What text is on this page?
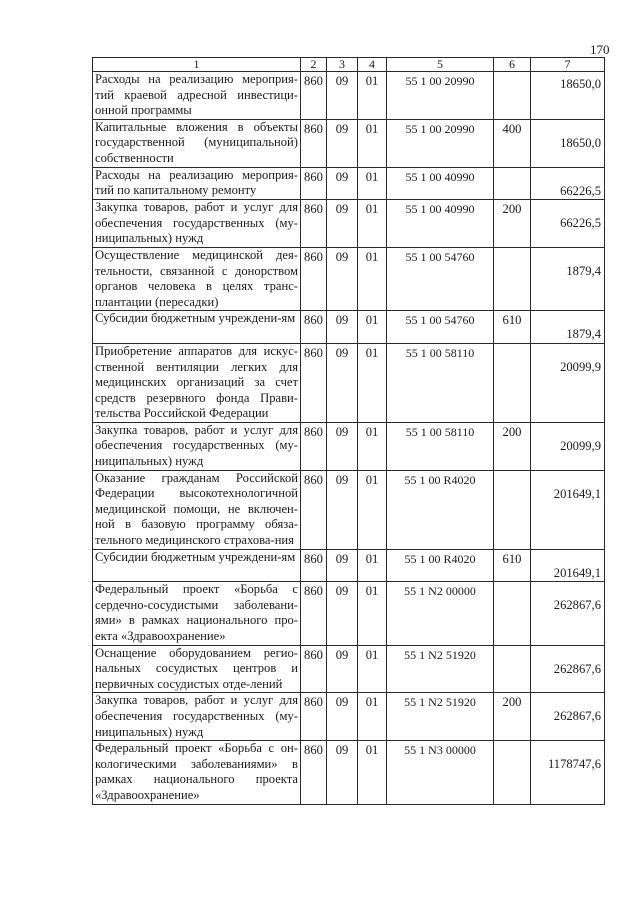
170
1	2	3	4	5	6	7
Расходы на реализацию мероприя-тий краевой адресной инвестици-онной программы	860	09	01	55 1 00 20990		18650,0
Капитальные вложения в объекты государственной (муниципальной) собственности	860	09	01	55 1 00 20990	400	18650,0
Расходы на реализацию мероприя-тий по капитальному ремонту	860	09	01	55 1 00 40990		66226,5
Закупка товаров, работ и услуг для обеспечения государственных (му-ниципальных) нужд	860	09	01	55 1 00 40990	200	66226,5
Осуществление медицинской дея-тельности, связанной с донорством органов человека в целях транс-плантации (пересадки)	860	09	01	55 1 00 54760		1879,4
Субсидии бюджетным учреждени-ям	860	09	01	55 1 00 54760	610	1879,4
Приобретение аппаратов для искус-ственной вентиляции легких для медицинских организаций за счет средств резервного фонда Прави-тельства Российской Федерации	860	09	01	55 1 00 58110		20099,9
Закупка товаров, работ и услуг для обеспечения государственных (му-ниципальных) нужд	860	09	01	55 1 00 58110	200	20099,9
Оказание гражданам Российской Федерации высокотехнологичной медицинской помощи, не включен-ной в базовую программу обяза-тельного медицинского страхова-ния	860	09	01	55 1 00 R4020		201649,1
Субсидии бюджетным учреждени-ям	860	09	01	55 1 00 R4020	610	201649,1
Федеральный проект «Борьба с сердечно-сосудистыми заболевани-ями» в рамках национального про-екта «Здравоохранение»	860	09	01	55 1 N2 00000		262867,6
Оснащение оборудованием регио-нальных сосудистых центров и первичных сосудистых отде-лений	860	09	01	55 1 N2 51920		262867,6
Закупка товаров, работ и услуг для обеспечения государственных (му-ниципальных) нужд	860	09	01	55 1 N2 51920	200	262867,6
Федеральный проект «Борьба с он-кологическими заболеваниями» в рамках национального проекта «Здравоохранение»	860	09	01	55 1 N3 00000		1178747,6
